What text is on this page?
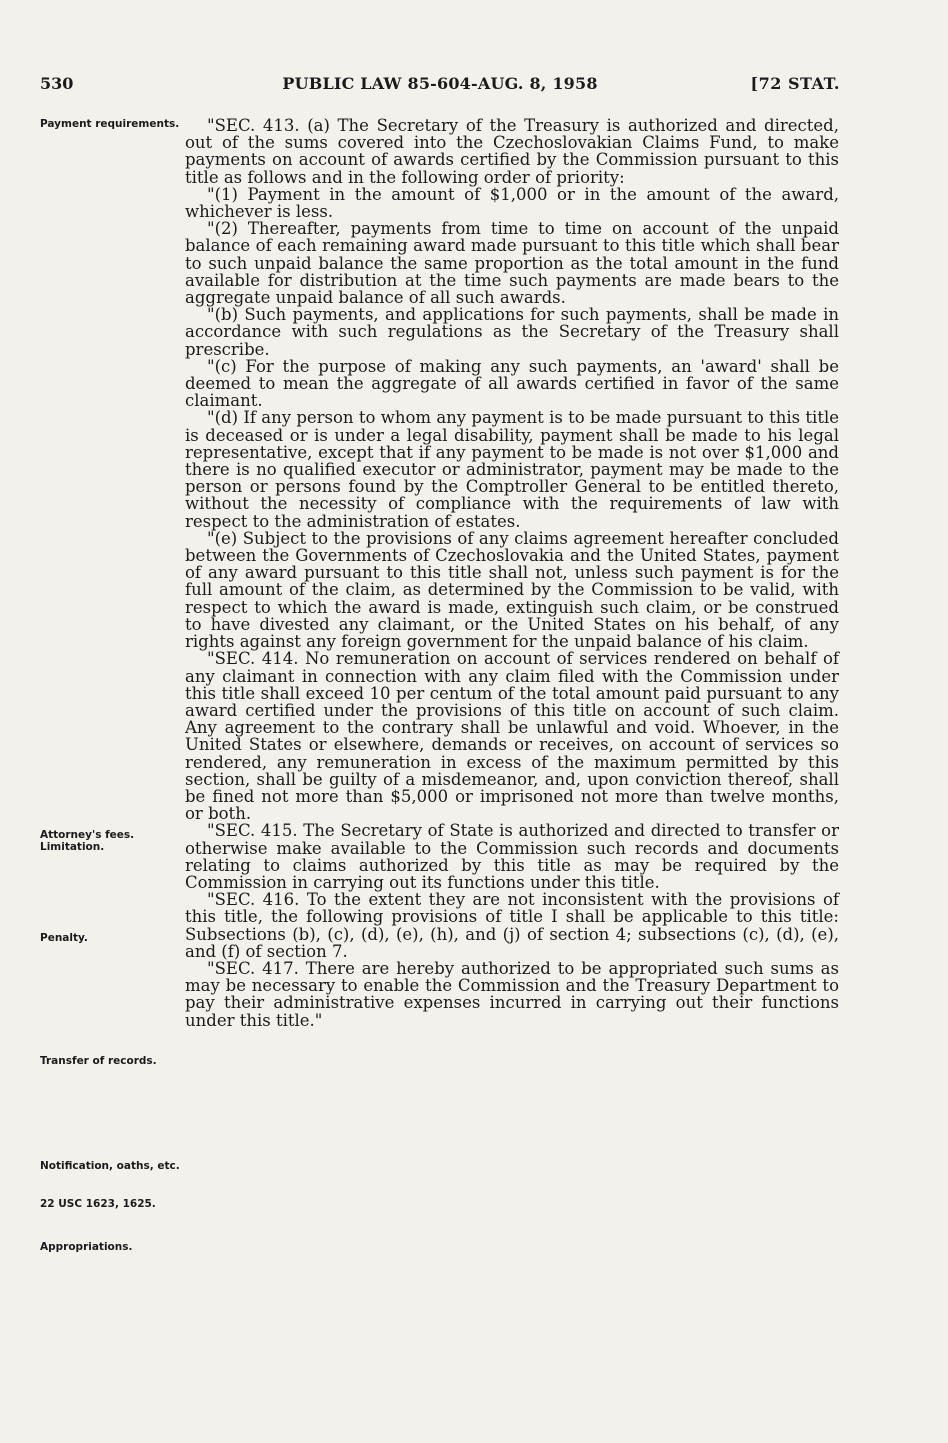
530	PUBLIC LAW 85-604-AUG. 8, 1958	[72 STAT.
Payment requirements.
Attorney's fees. Limitation.
Penalty.
Transfer of records.
Notification, oaths, etc.
22 USC 1623, 1625.
Appropriations.

"SEC. 413. (a) The Secretary of the Treasury is authorized and directed, out of the sums covered into the Czechoslovakian Claims Fund, to make payments on account of awards certified by the Commission pursuant to this title as follows and in the following order of priority:

"(1) Payment in the amount of $1,000 or in the amount of the award, whichever is less.

"(2) Thereafter, payments from time to time on account of the unpaid balance of each remaining award made pursuant to this title which shall bear to such unpaid balance the same proportion as the total amount in the fund available for distribution at the time such payments are made bears to the aggregate unpaid balance of all such awards.

"(b) Such payments, and applications for such payments, shall be made in accordance with such regulations as the Secretary of the Treasury shall prescribe.

"(c) For the purpose of making any such payments, an 'award' shall be deemed to mean the aggregate of all awards certified in favor of the same claimant.

"(d) If any person to whom any payment is to be made pursuant to this title is deceased or is under a legal disability, payment shall be made to his legal representative, except that if any payment to be made is not over $1,000 and there is no qualified executor or administrator, payment may be made to the person or persons found by the Comptroller General to be entitled thereto, without the necessity of compliance with the requirements of law with respect to the administration of estates.

"(e) Subject to the provisions of any claims agreement hereafter concluded between the Governments of Czechoslovakia and the United States, payment of any award pursuant to this title shall not, unless such payment is for the full amount of the claim, as determined by the Commission to be valid, with respect to which the award is made, extinguish such claim, or be construed to have divested any claimant, or the United States on his behalf, of any rights against any foreign government for the unpaid balance of his claim.

"SEC. 414. No remuneration on account of services rendered on behalf of any claimant in connection with any claim filed with the Commission under this title shall exceed 10 per centum of the total amount paid pursuant to any award certified under the provisions of this title on account of such claim. Any agreement to the contrary shall be unlawful and void. Whoever, in the United States or elsewhere, demands or receives, on account of services so rendered, any remuneration in excess of the maximum permitted by this section, shall be guilty of a misdemeanor, and, upon conviction thereof, shall be fined not more than $5,000 or imprisoned not more than twelve months, or both.

"SEC. 415. The Secretary of State is authorized and directed to transfer or otherwise make available to the Commission such records and documents relating to claims authorized by this title as may be required by the Commission in carrying out its functions under this title.

"SEC. 416. To the extent they are not inconsistent with the provisions of this title, the following provisions of title I shall be applicable to this title: Subsections (b), (c), (d), (e), (h), and (j) of section 4; subsections (c), (d), (e), and (f) of section 7.

"SEC. 417. There are hereby authorized to be appropriated such sums as may be necessary to enable the Commission and the Treasury Department to pay their administrative expenses incurred in carrying out their functions under this title."
